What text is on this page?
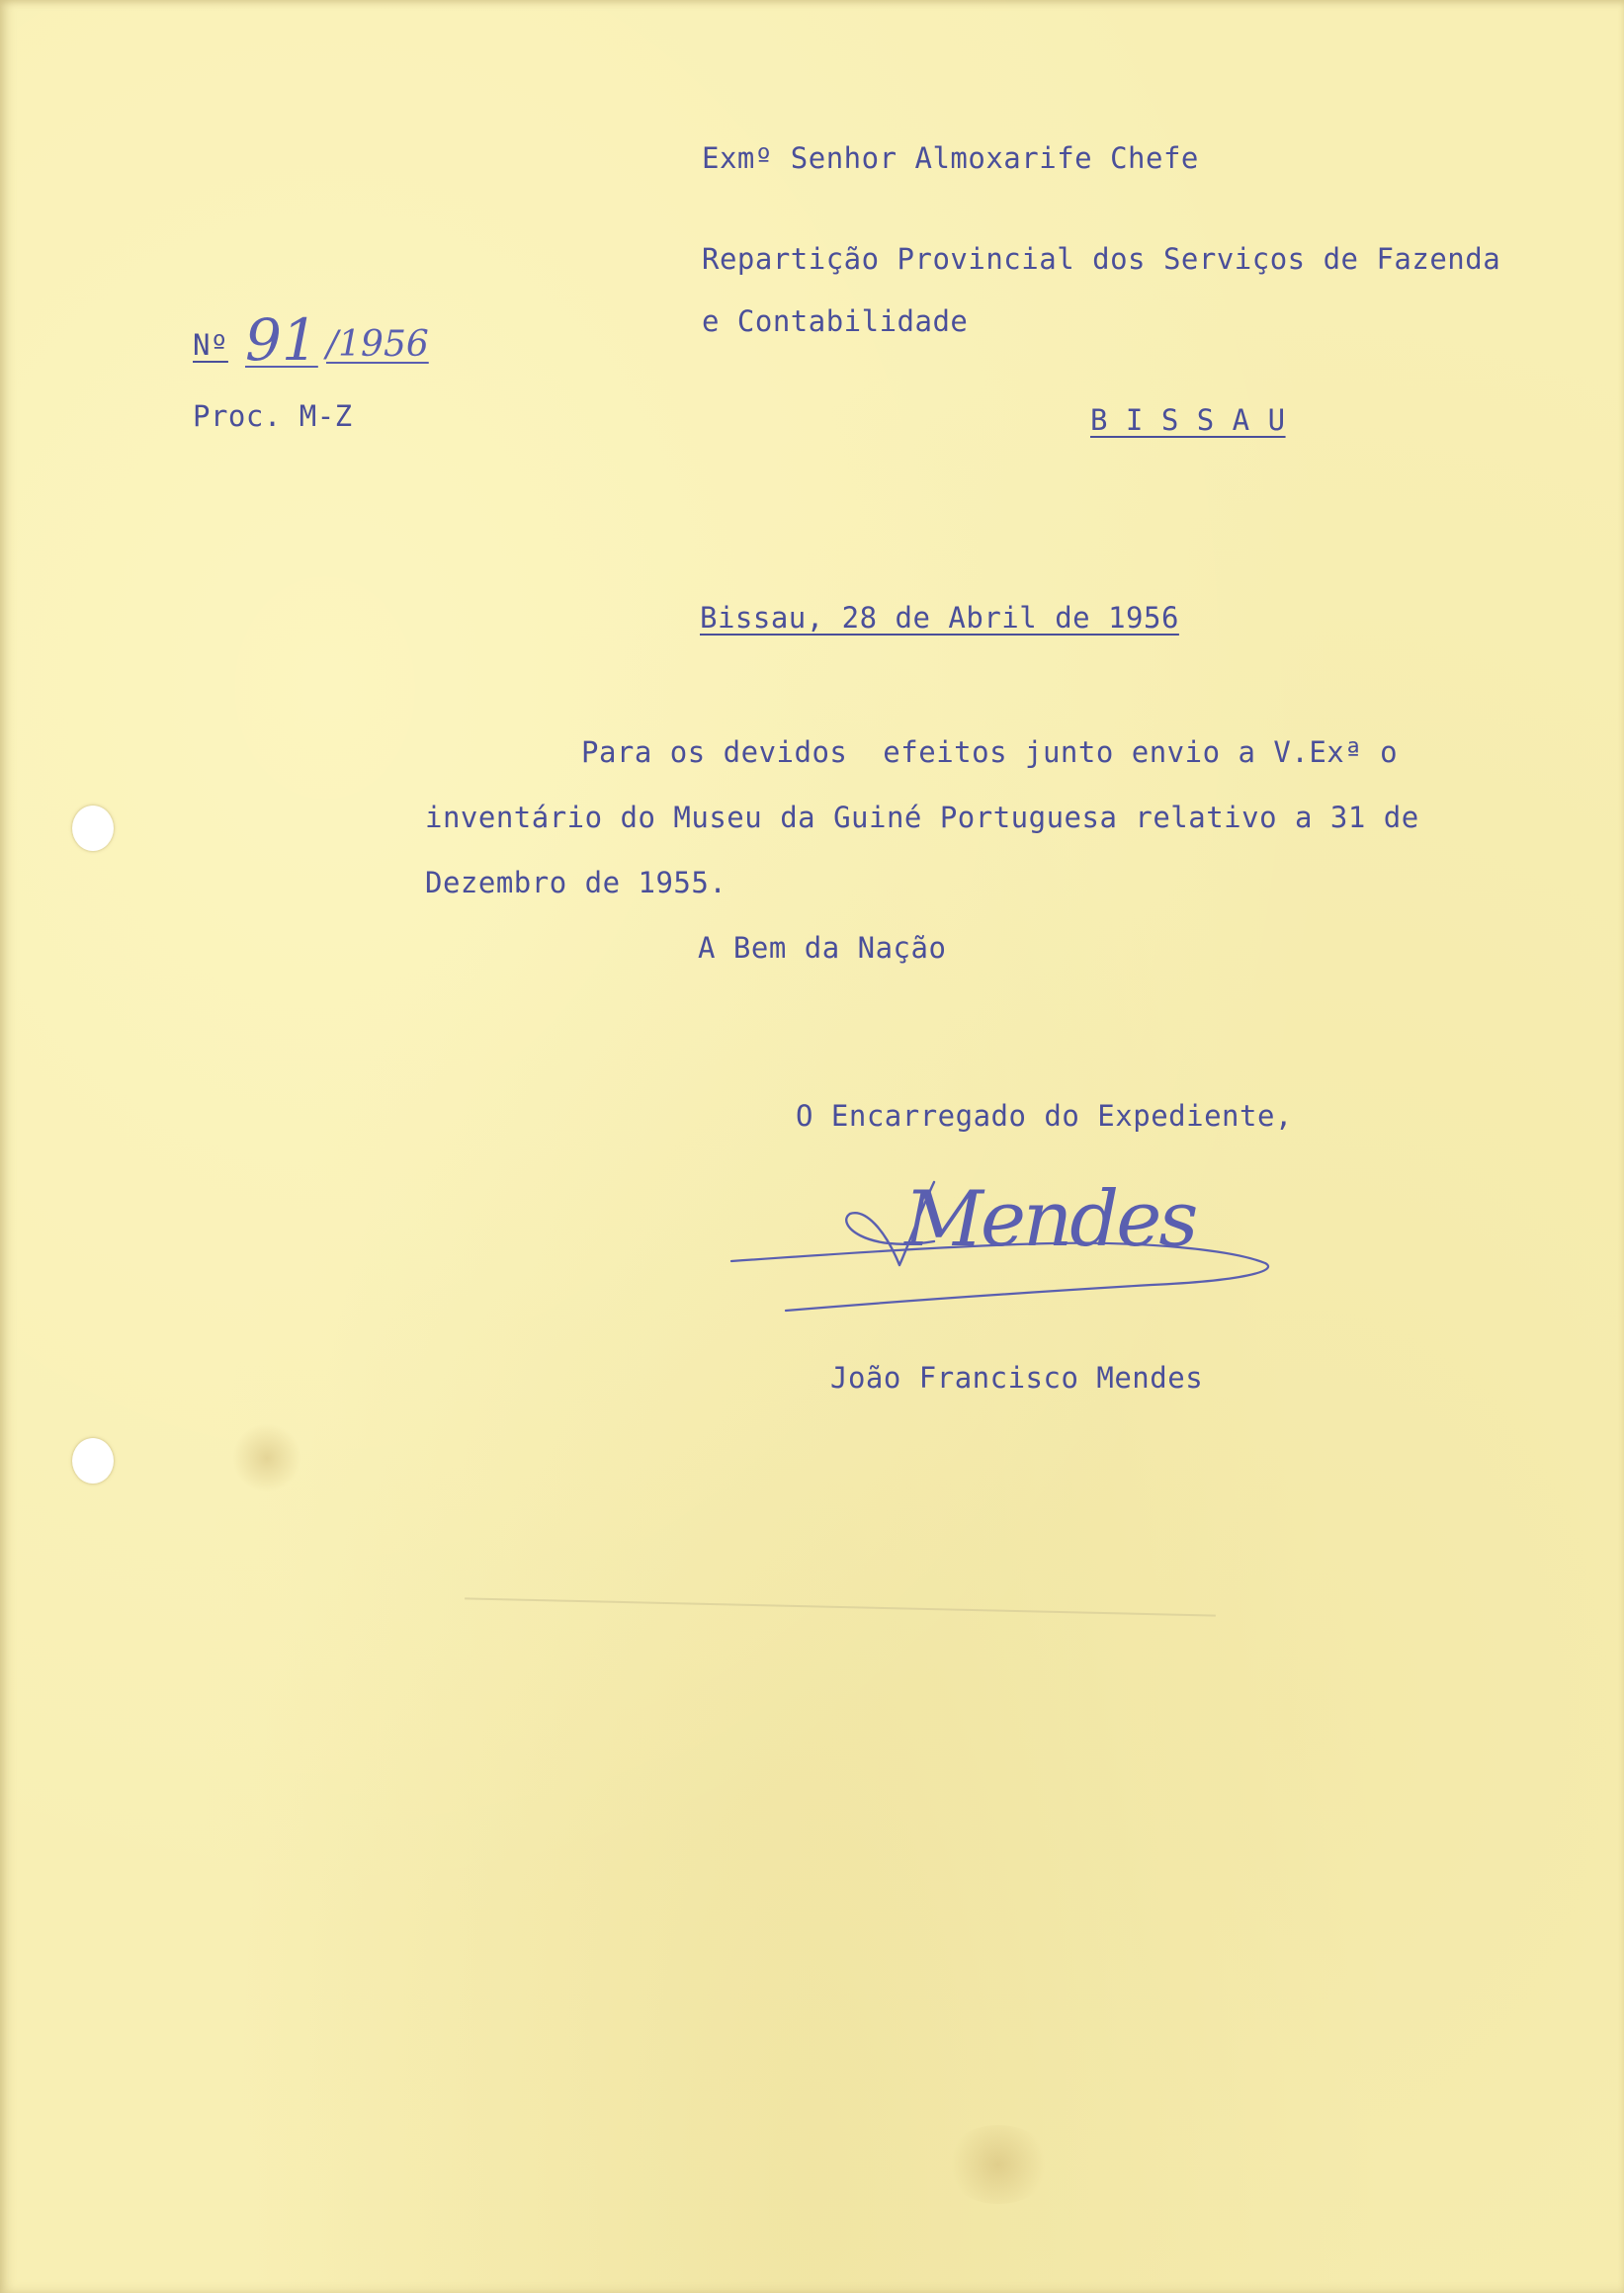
Exmº Senhor Almoxarife Chefe
Repartição Provincial dos Serviços de Fazenda
e Contabilidade
B I S S A U
Nº 91 /1956
Proc. M-Z
Bissau, 28 de Abril de 1956
Para os devidos  efeitos junto envio a V.Exª o
inventário do Museu da Guiné Portuguesa relativo a 31 de
Dezembro de 1955.
A Bem da Nação
O Encarregado do Expediente,
Mendes
João Francisco Mendes
